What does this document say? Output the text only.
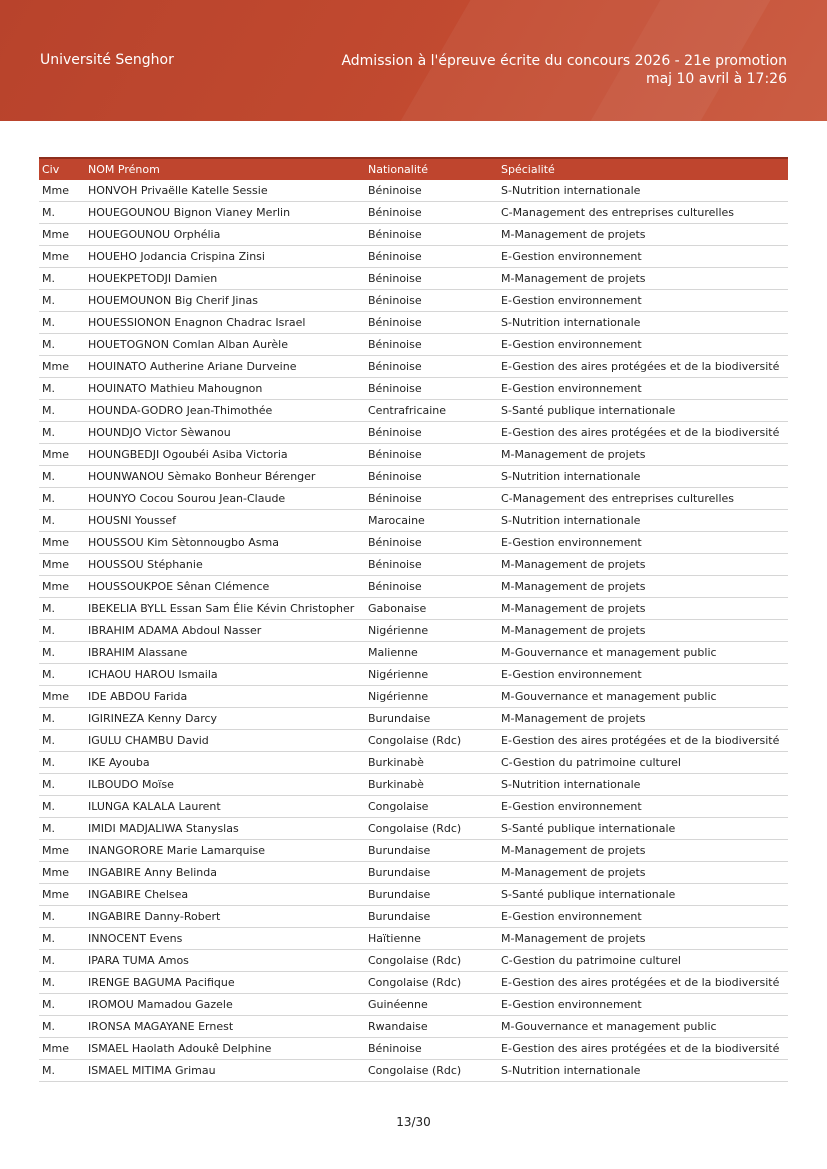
Université Senghor	Admission à l'épreuve écrite du concours 2026 - 21e promotion
maj 10 avril à 17:26
Civ	NOM Prénom	Nationalité	Spécialité
Mme	HONVOH Privaëlle Katelle Sessie	Béninoise	S-Nutrition internationale
M.	HOUEGOUNOU Bignon Vianey Merlin	Béninoise	C-Management des entreprises culturelles
Mme	HOUEGOUNOU Orphélia	Béninoise	M-Management de projets
Mme	HOUEHO Jodancia Crispina Zinsi	Béninoise	E-Gestion environnement
M.	HOUEKPETODJI Damien	Béninoise	M-Management de projets
M.	HOUEMOUNON Big Cherif Jinas	Béninoise	E-Gestion environnement
M.	HOUESSIONON Enagnon Chadrac Israel	Béninoise	S-Nutrition internationale
M.	HOUETOGNON Comlan Alban Aurèle	Béninoise	E-Gestion environnement
Mme	HOUINATO Autherine Ariane Durveine	Béninoise	E-Gestion des aires protégées et de la biodiversité
M.	HOUINATO Mathieu Mahougnon	Béninoise	E-Gestion environnement
M.	HOUNDA-GODRO Jean-Thimothée	Centrafricaine	S-Santé publique internationale
M.	HOUNDJO Victor Sèwanou	Béninoise	E-Gestion des aires protégées et de la biodiversité
Mme	HOUNGBEDJI Ogoubéi Asiba Victoria	Béninoise	M-Management de projets
M.	HOUNWANOU Sèmako Bonheur Bérenger	Béninoise	S-Nutrition internationale
M.	HOUNYO Cocou Sourou Jean-Claude	Béninoise	C-Management des entreprises culturelles
M.	HOUSNI Youssef	Marocaine	S-Nutrition internationale
Mme	HOUSSOU Kim Sètonnougbo Asma	Béninoise	E-Gestion environnement
Mme	HOUSSOU Stéphanie	Béninoise	M-Management de projets
Mme	HOUSSOUKPOE Sênan Clémence	Béninoise	M-Management de projets
M.	IBEKELIA BYLL Essan Sam Élie Kévin Christopher	Gabonaise	M-Management de projets
M.	IBRAHIM ADAMA Abdoul Nasser	Nigérienne	M-Management de projets
M.	IBRAHIM Alassane	Malienne	M-Gouvernance et management public
M.	ICHAOU HAROU Ismaila	Nigérienne	E-Gestion environnement
Mme	IDE ABDOU Farida	Nigérienne	M-Gouvernance et management public
M.	IGIRINEZA Kenny Darcy	Burundaise	M-Management de projets
M.	IGULU CHAMBU David	Congolaise (Rdc)	E-Gestion des aires protégées et de la biodiversité
M.	IKE Ayouba	Burkinabè	C-Gestion du patrimoine culturel
M.	ILBOUDO Moïse	Burkinabè	S-Nutrition internationale
M.	ILUNGA KALALA Laurent	Congolaise	E-Gestion environnement
M.	IMIDI MADJALIWA Stanyslas	Congolaise (Rdc)	S-Santé publique internationale
Mme	INANGORORE Marie Lamarquise	Burundaise	M-Management de projets
Mme	INGABIRE Anny Belinda	Burundaise	M-Management de projets
Mme	INGABIRE Chelsea	Burundaise	S-Santé publique internationale
M.	INGABIRE Danny-Robert	Burundaise	E-Gestion environnement
M.	INNOCENT Evens	Haïtienne	M-Management de projets
M.	IPARA TUMA Amos	Congolaise (Rdc)	C-Gestion du patrimoine culturel
M.	IRENGE BAGUMA Pacifique	Congolaise (Rdc)	E-Gestion des aires protégées et de la biodiversité
M.	IROMOU Mamadou Gazele	Guinéenne	E-Gestion environnement
M.	IRONSA MAGAYANE Ernest	Rwandaise	M-Gouvernance et management public
Mme	ISMAEL Haolath Adoukê Delphine	Béninoise	E-Gestion des aires protégées et de la biodiversité
M.	ISMAEL MITIMA Grimau	Congolaise (Rdc)	S-Nutrition internationale
13/30
